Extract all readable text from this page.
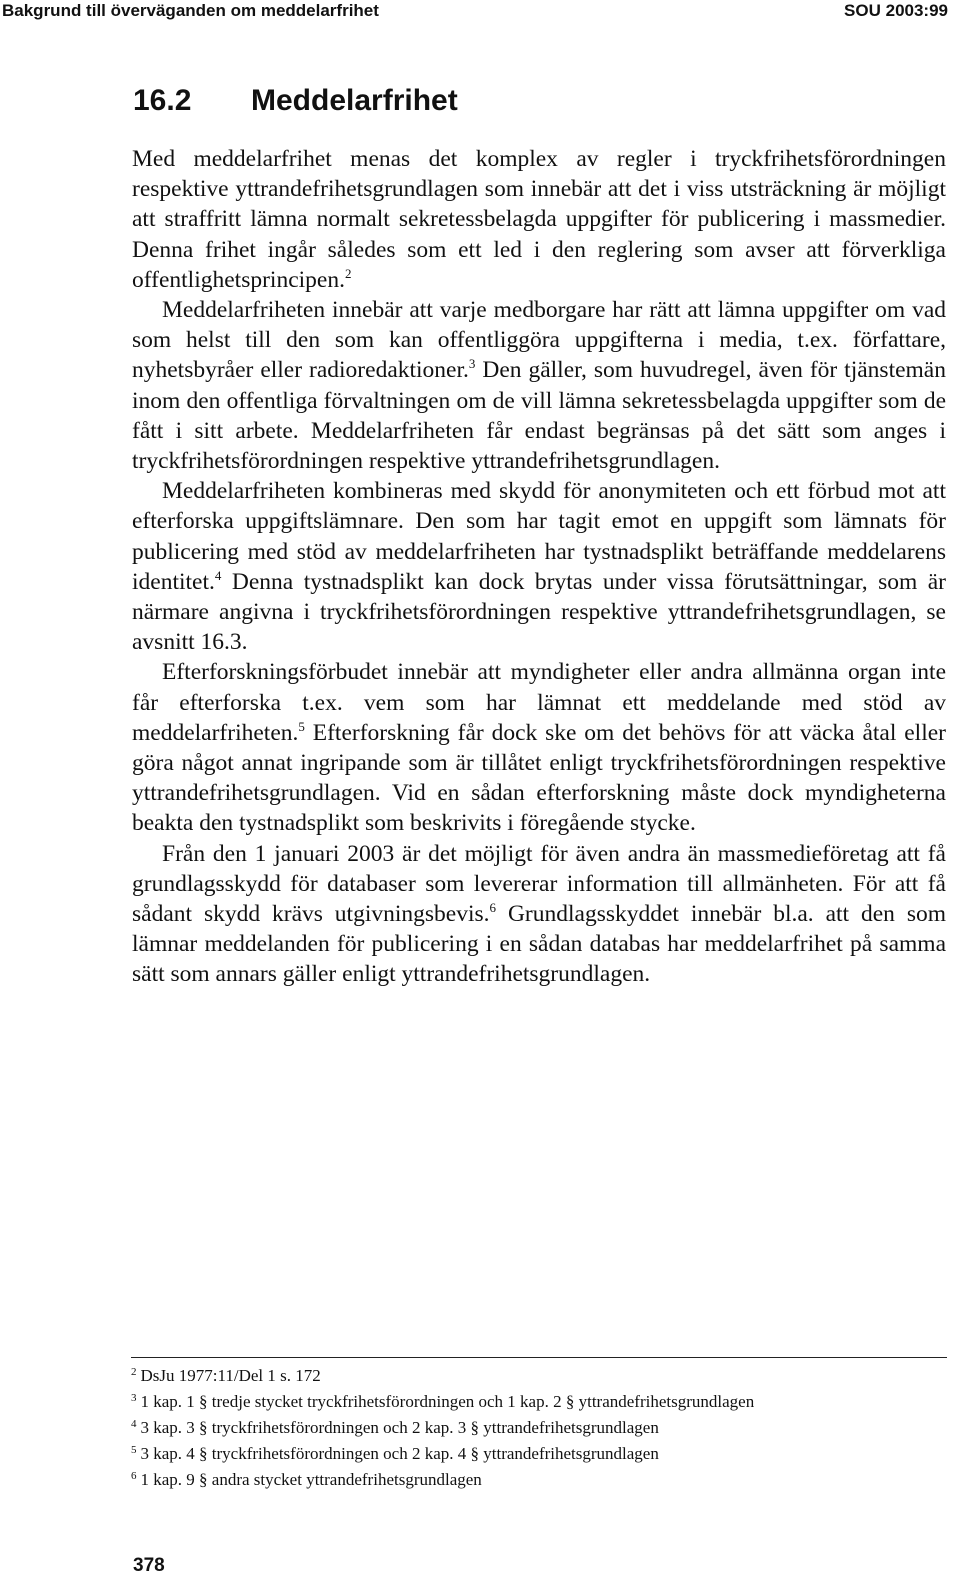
Bakgrund till överväganden om meddelarfrihet	SOU 2003:99
16.2 Meddelarfrihet

Med meddelarfrihet menas det komplex av regler i tryckfrihetsförordningen respektive yttrandefrihetsgrundlagen som innebär att det i viss utsträckning är möjligt att straffritt lämna normalt sekretessbelagda uppgifter för publicering i massmedier. Denna frihet ingår således som ett led i den reglering som avser att förverkliga offentlighetsprincipen.$^2$

Meddelarfriheten innebär att varje medborgare har rätt att lämna uppgifter om vad som helst till den som kan offentliggöra uppgifterna i media, t.ex. författare, nyhetsbyråer eller radioredaktioner.$^3$ Den gäller, som huvudregel, även för tjänstemän inom den offentliga förvaltningen om de vill lämna sekretessbelagda uppgifter som de fått i sitt arbete. Meddelarfriheten får endast begränsas på det sätt som anges i tryckfrihetsförordningen respektive yttrandefrihetsgrundlagen.

Meddelarfriheten kombineras med skydd för anonymiteten och ett förbud mot att efterforska uppgiftslämnare. Den som har tagit emot en uppgift som lämnats för publicering med stöd av meddelarfriheten har tystnadsplikt beträffande meddelarens identitet.$^4$ Denna tystnadsplikt kan dock brytas under vissa förutsättningar, som är närmare angivna i tryckfrihetsförordningen respektive yttrandefrihetsgrundlagen, se avsnitt 16.3.

Efterforskningsförbudet innebär att myndigheter eller andra allmänna organ inte får efterforska t.ex. vem som har lämnat ett meddelande med stöd av meddelarfriheten.$^5$ Efterforskning får dock ske om det behövs för att väcka åtal eller göra något annat ingripande som är tillåtet enligt tryckfrihetsförordningen respektive yttrandefrihetsgrundlagen. Vid en sådan efterforskning måste dock myndigheterna beakta den tystnadsplikt som beskrivits i föregående stycke.

Från den 1 januari 2003 är det möjligt för även andra än massmedieföretag att få grundlagsskydd för databaser som levererar information till allmänheten. För att få sådant skydd krävs utgivningsbevis.$^6$ Grundlagsskyddet innebär bl.a. att den som lämnar meddelanden för publicering i en sådan databas har meddelarfrihet på samma sätt som annars gäller enligt yttrandefrihetsgrundlagen.

$^2$ DsJu 1977:11/Del 1 s. 172

$^3$ 1 kap. 1 § tredje stycket tryckfrihetsförordningen och 1 kap. 2 § yttrandefrihetsgrundlagen

$^4$ 3 kap. 3 § tryckfrihetsförordningen och 2 kap. 3 § yttrandefrihetsgrundlagen

$^5$ 3 kap. 4 § tryckfrihetsförordningen och 2 kap. 4 § yttrandefrihetsgrundlagen

$^6$ 1 kap. 9 § andra stycket yttrandefrihetsgrundlagen

378
